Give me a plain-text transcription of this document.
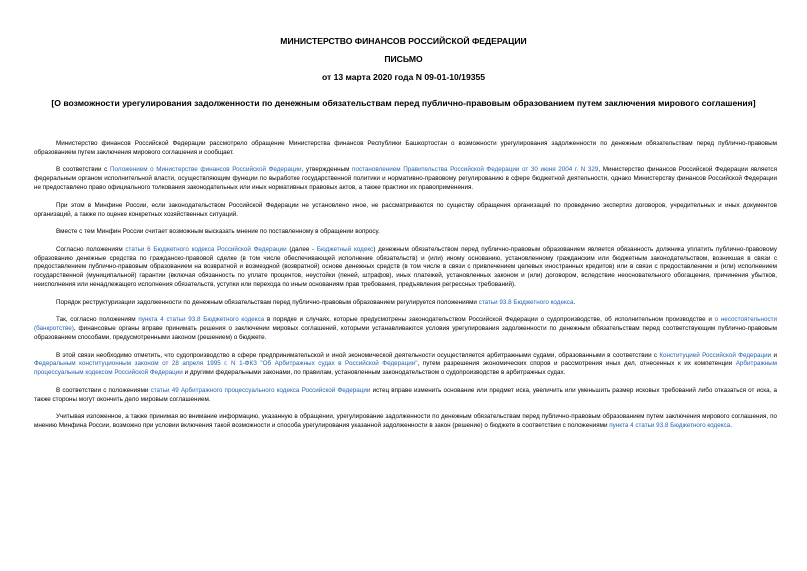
МИНИСТЕРСТВО ФИНАНСОВ РОССИЙСКОЙ ФЕДЕРАЦИИ
ПИСЬМО
от 13 марта 2020 года N 09-01-10/19355
[О возможности урегулирования задолженности по денежным обязательствам перед публично-правовым образованием путем заключения мирового соглашения]

Министерство финансов Российской Федерации рассмотрело обращение Министерства финансов Республики Башкортостан о возможности урегулирования задолженности по денежным обязательствам перед публично-правовым образованием путем заключения мирового соглашения и сообщает.

В соответствии с Положением о Министерстве финансов Российской Федерации, утвержденным постановлением Правительства Российской Федерации от 30 июня 2004 г. N 329, Министерство финансов Российской Федерации является федеральным органом исполнительной власти, осуществляющим функции по выработке государственной политики и нормативно-правовому регулированию в сфере бюджетной деятельности, однако Министерству финансов Российской Федерации не предоставлено право официального толкования законодательных или иных нормативных правовых актов, а также практики их правоприменения.

При этом в Минфине России, если законодательством Российской Федерации не установлено иное, не рассматриваются по существу обращения организаций по проведению экспертиз договоров, учредительных и иных документов организаций, а также по оценке конкретных хозяйственных ситуаций.

Вместе с тем Минфин России считает возможным высказать мнение по поставленному в обращении вопросу.

Согласно положениям статьи 6 Бюджетного кодекса Российской Федерации (далее - Бюджетный кодекс) денежным обязательством перед публично-правовым образованием является обязанность должника уплатить публично-правовому образованию денежные средства по гражданско-правовой сделке (в том числе обеспечивающей исполнение обязательств) и (или) иному основанию, установленному гражданским или бюджетным законодательством, возникшая в связи с предоставлением публично-правовым образованием на возвратной и возмездной (возвратной) основе денежных средств (в том числе в связи с привлечением целевых иностранных кредитов) или в связи с предоставлением и (или) исполнением государственной (муниципальной) гарантии (включая обязанность по уплате процентов, неустойки (пеней, штрафов), иных платежей, установленных законом и (или) договором, вследствие неосновательного обогащения, причинения убытков, неисполнения или ненадлежащего исполнения обязательств, уступки или перехода по иным основаниям прав требования, предъявления регрессных требований).

Порядок реструктуризации задолженности по денежным обязательствам перед публично-правовым образованием регулируется положениями статьи 93.8 Бюджетного кодекса.

Так, согласно положениям пункта 4 статьи 93.8 Бюджетного кодекса в порядке и случаях, которые предусмотрены законодательством Российской Федерации о судопроизводстве, об исполнительном производстве и о несостоятельности (банкротстве), финансовые органы вправе принимать решения о заключении мировых соглашений, которыми устанавливаются условия урегулирования задолженности по денежным обязательствам перед соответствующим публично-правовым образованием способами, предусмотренными законом (решением) о бюджете.

В этой связи необходимо отметить, что судопроизводство в сфере предпринимательской и иной экономической деятельности осуществляется арбитражными судами, образованными в соответствии с Конституцией Российской Федерации и Федеральным конституционным законом от 28 апреля 1995 г. N 1-ФКЗ "Об Арбитражных судах в Российской Федерации", путем разрешения экономических споров и рассмотрения иных дел, отнесенных к их компетенции Арбитражным процессуальным кодексом Российской Федерации и другими федеральными законами, по правилам, установленным законодательством о судопроизводстве в арбитражных судах.

В соответствии с положениями статьи 49 Арбитражного процессуального кодекса Российской Федерации истец вправе изменить основание или предмет иска, увеличить или уменьшить размер исковых требований либо отказаться от иска, а также стороны могут окончить дело мировым соглашением.

Учитывая изложенное, а также принимая во внимание информацию, указанную в обращении, урегулирование задолженности по денежным обязательствам перед публично-правовым образованием путем заключения мирового соглашения, по мнению Минфина России, возможно при условии включения такой возможности и способа урегулирования указанной задолженности в закон (решение) о бюджете в соответствии с положениями пункта 4 статьи 93.8 Бюджетного кодекса.
